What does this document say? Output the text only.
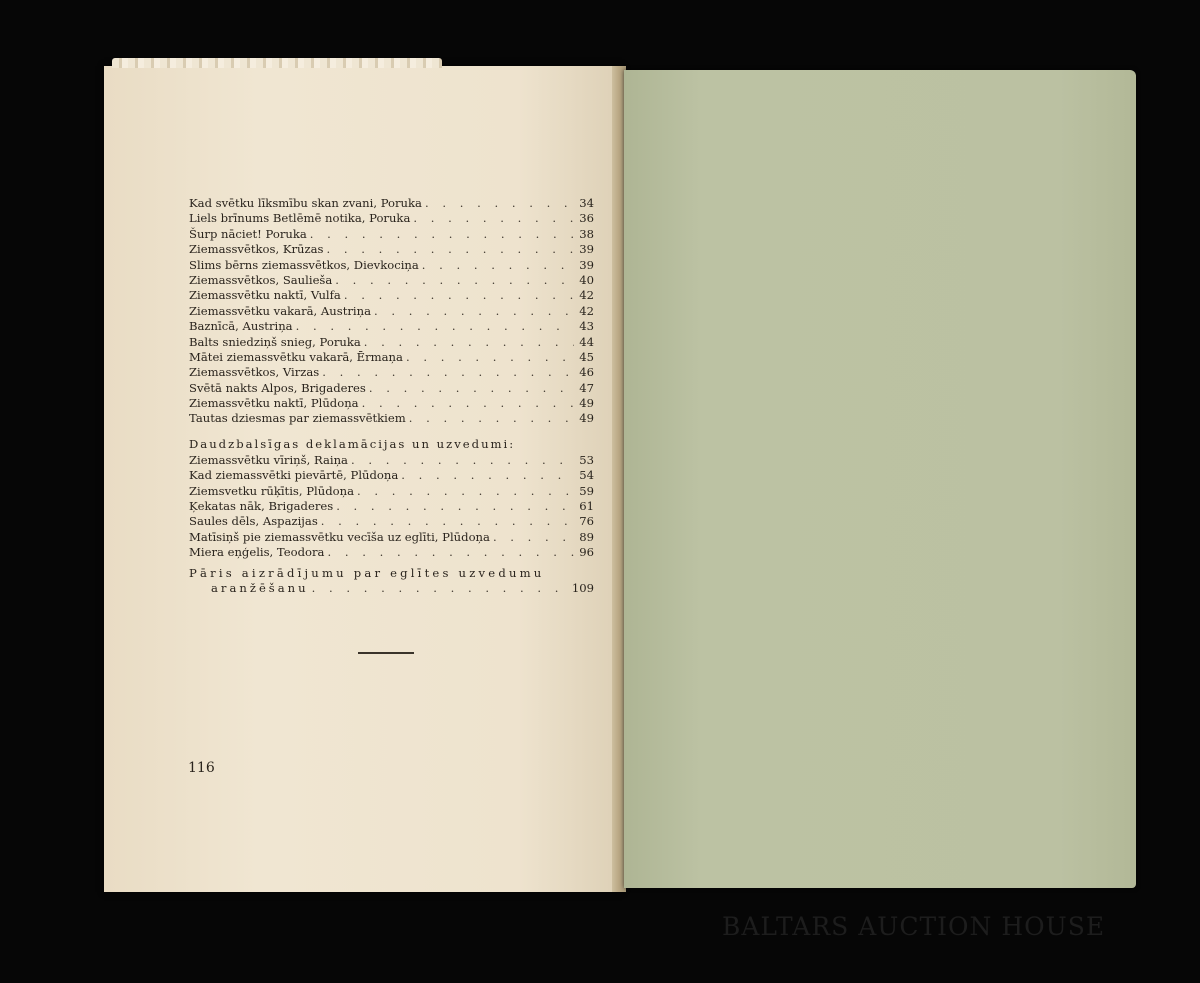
Kad svētku līksmību skan zvani, Poruka . . .	34
Liels brīnums Betlēmē notika, Poruka . . .	36
Šurp nāciet! Poruka . . .	38
Ziemassvētkos, Krūzas . . .	39
Slims bērns ziemassvētkos, Dievkociņa . . .	39
Ziemassvētkos, Sauliešа . . .	40
Ziemassvētku naktī, Vulfa . . .	42
Ziemassvētku vakarā, Austriņa . . .	42
Baznīcā, Austriņa . . .	43
Balts sniedziņš snieg, Poruka . . .	44
Mātei ziemassvētku vakarā, Ērmaņa . . .	45
Ziemassvētkos, Virzas . . .	46
Svētā nakts Alpos, Brigaderes . . .	47
Ziemassvētku naktī, Plūdoņa . . .	49
Tautas dziesmas par ziemassvētkiem . . .	49
Daudzbalsīgas deklamācijas un uzvedumi:
Ziemassvētku vīriņš, Raiņa . . .	53
Kad ziemassvētki pievārtē, Plūdoņa . . .	54
Ziemsvetku rūķītis, Plūdoņa . . .	59
Ķekatas nāk, Brigaderes . . .	61
Saules dēls, Aspazijas . . .	76
Matīsiņš pie ziemassvētku vecīša uz eglīti, Plūdoņa . . .	89
Miera eņģelis, Teodora . . .	96
Pāris aizrādījumu par eglītes uzvedumu
aranžēšanu . . .	109
116
BALTARS AUCTION HOUSE
